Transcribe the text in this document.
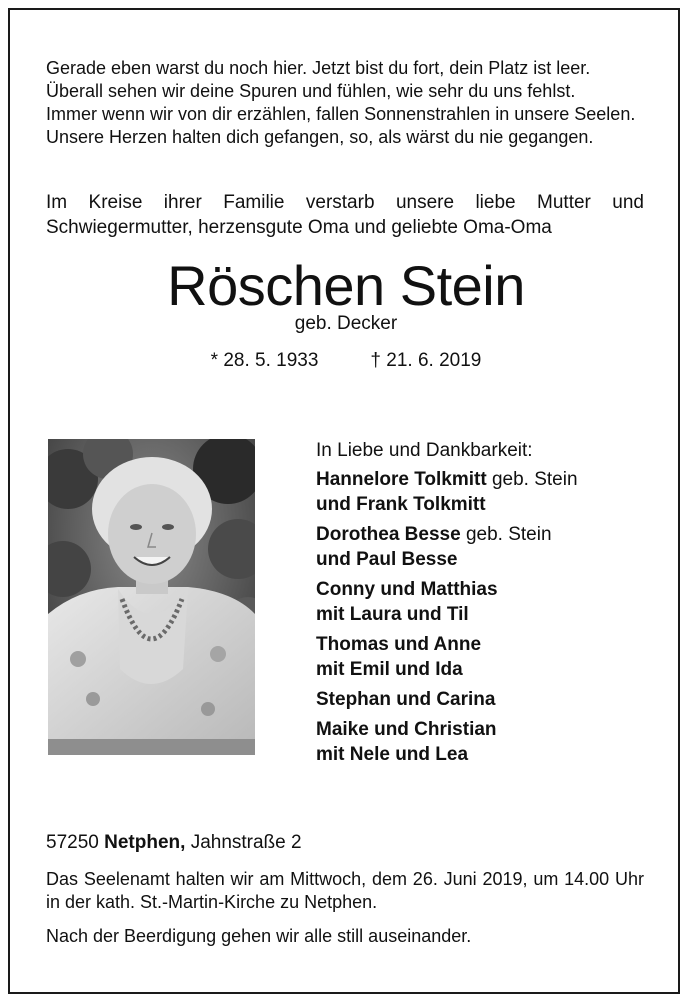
Gerade eben warst du noch hier. Jetzt bist du fort, dein Platz ist leer.

Überall sehen wir deine Spuren und fühlen, wie sehr du uns fehlst.

Immer wenn wir von dir erzählen, fallen Sonnenstrahlen in unsere Seelen.

Unsere Herzen halten dich gefangen, so, als wärst du nie gegangen.

Im Kreise ihrer Familie verstarb unsere liebe Mutter und Schwiegermutter, herzensgute Oma und geliebte Oma-Oma

Röschen Stein
geb. Decker
* 28. 5. 1933	† 21. 6. 2019
In Liebe und Dankbarkeit:
Hannelore Tolkmitt geb. Stein
und Frank Tolkmitt
Dorothea Besse geb. Stein
und Paul Besse
Conny und Matthias
mit Laura und Til
Thomas und Anne
mit Emil und Ida
Stephan und Carina
Maike und Christian
mit Nele und Lea
57250 Netphen, Jahnstraße 2

Das Seelenamt halten wir am Mittwoch, dem 26. Juni 2019, um 14.00 Uhr in der kath. St.-Martin-Kirche zu Netphen.

Nach der Beerdigung gehen wir alle still auseinander.
